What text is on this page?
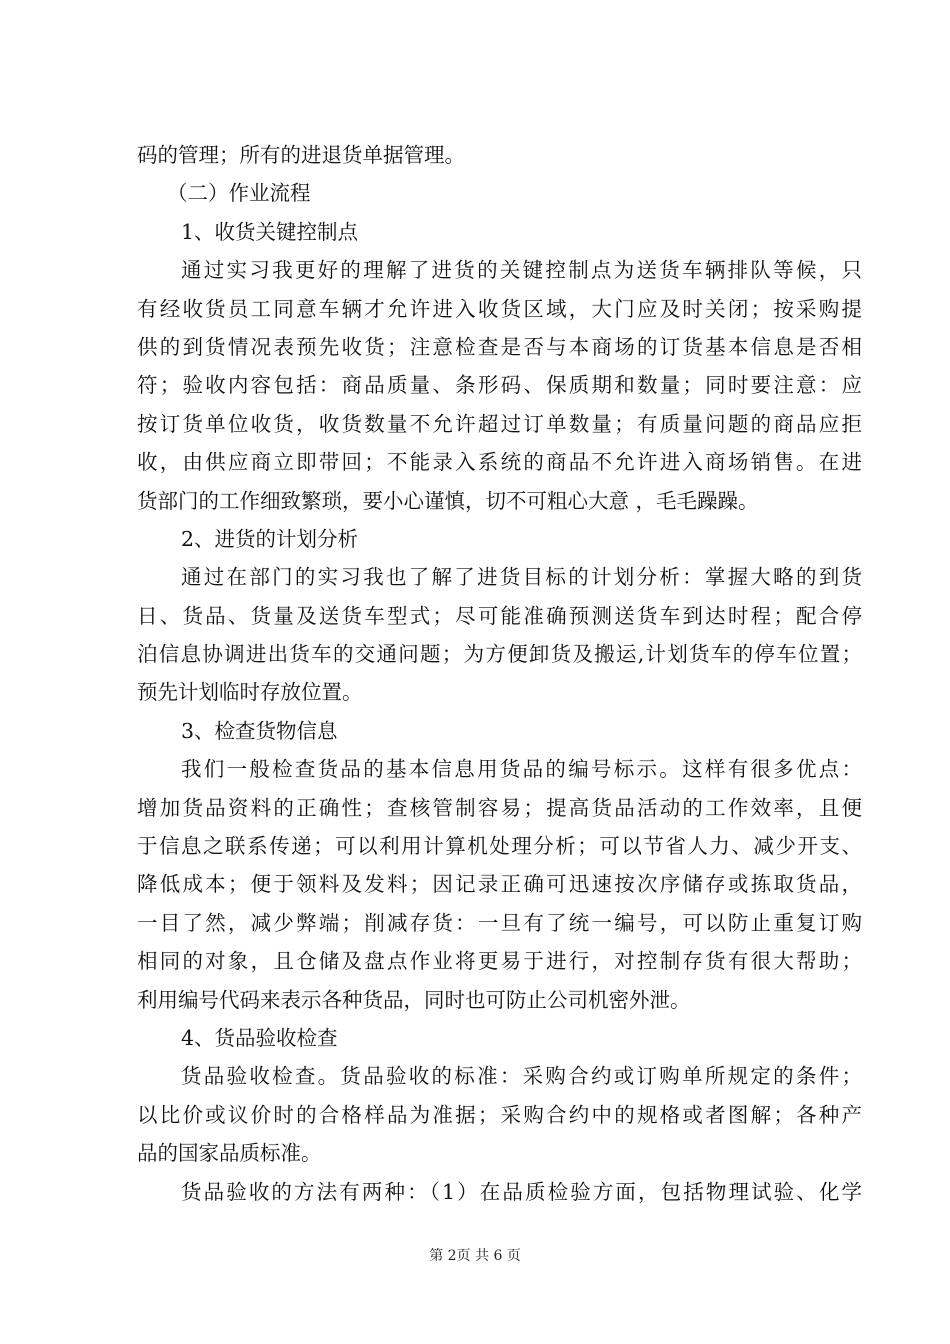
码的管理；所有的进退货单据管理。
（二）作业流程
1、收货关键控制点
通过实习我更好的理解了进货的关键控制点为送货车辆排队等候，只
有经收货员工同意车辆才允许进入收货区域，大门应及时关闭；按采购提
供的到货情况表预先收货；注意检查是否与本商场的订货基本信息是否相
符；验收内容包括：商品质量、条形码、保质期和数量；同时要注意：应
按订货单位收货，收货数量不允许超过订单数量；有质量问题的商品应拒
收，由供应商立即带回；不能录入系统的商品不允许进入商场销售。在进
货部门的工作细致繁琐，要小心谨慎，切不可粗心大意 ，毛毛躁躁。
2、进货的计划分析
通过在部门的实习我也了解了进货目标的计划分析：掌握大略的到货
日、货品、货量及送货车型式；尽可能准确预测送货车到达时程；配合停
泊信息协调进出货车的交通问题；为方便卸货及搬运,计划货车的停车位置；
预先计划临时存放位置。
3、检查货物信息
我们一般检查货品的基本信息用货品的编号标示。这样有很多优点：
增加货品资料的正确性；查核管制容易；提高货品活动的工作效率，且便
于信息之联系传递；可以利用计算机处理分析；可以节省人力、减少开支、
降低成本；便于领料及发料；因记录正确可迅速按次序储存或拣取货品，
一目了然，减少弊端；削减存货：一旦有了统一编号，可以防止重复订购
相同的对象，且仓储及盘点作业将更易于进行，对控制存货有很大帮助；
利用编号代码来表示各种货品，同时也可防止公司机密外泄。
4、货品验收检查
货品验收检查。货品验收的标准：采购合约或订购单所规定的条件；
以比价或议价时的合格样品为准据；采购合约中的规格或者图解；各种产
品的国家品质标准。
货品验收的方法有两种：（1）在品质检验方面，包括物理试验、化学
第 2页 共 6 页
